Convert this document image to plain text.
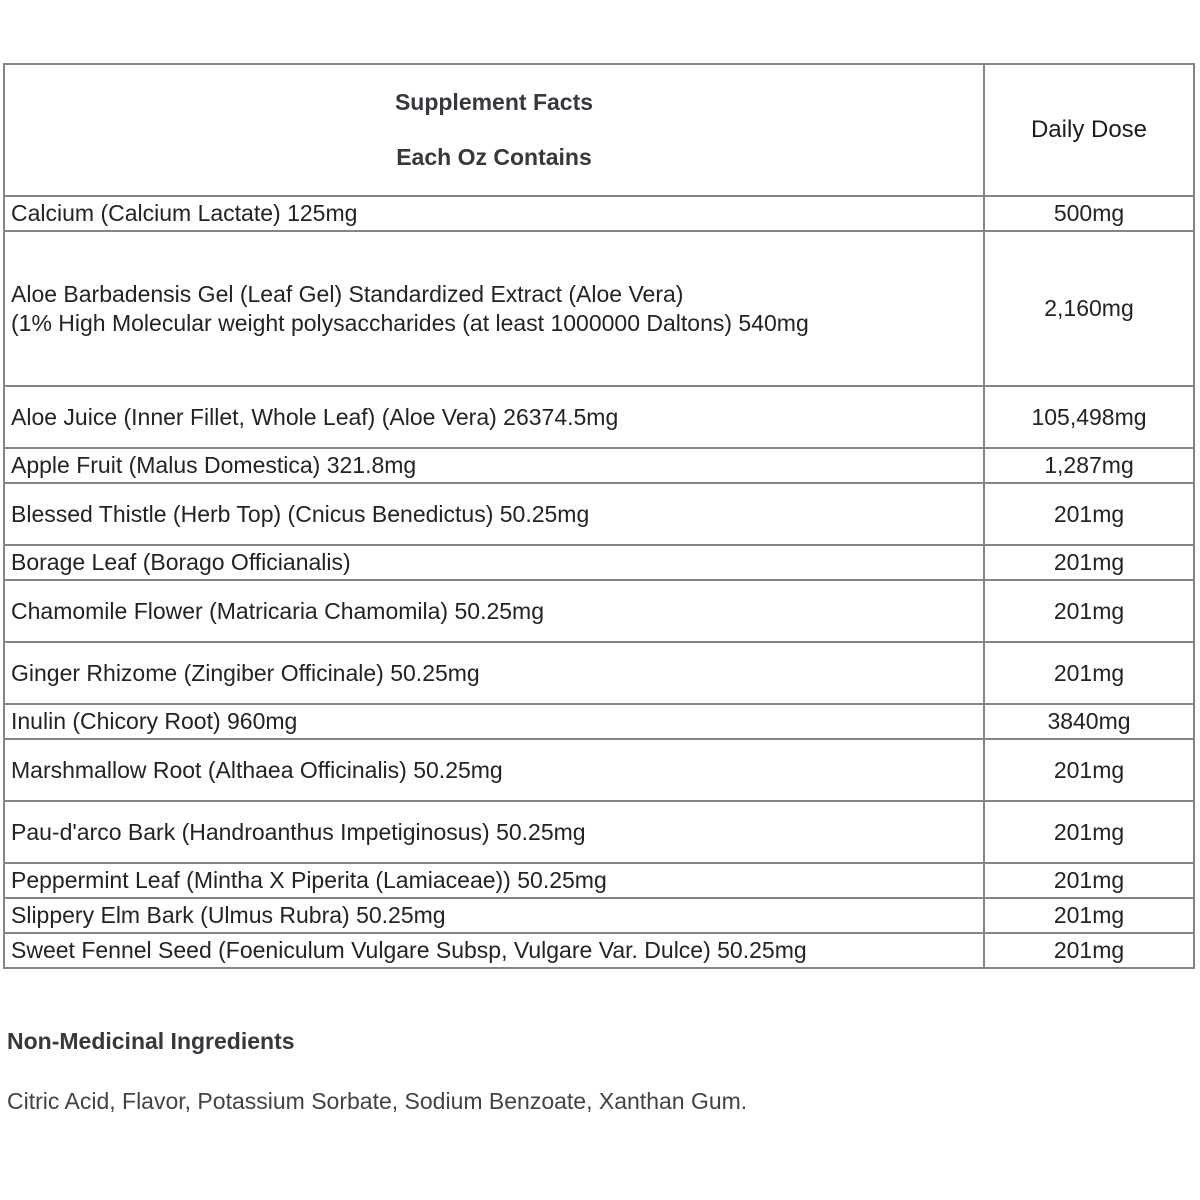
Supplement Facts

Each Oz Contains	Daily Dose
Calcium (Calcium Lactate) 125mg	500mg

Aloe Barbadensis Gel (Leaf Gel) Standardized Extract (Aloe Vera)
(1% High Molecular weight polysaccharides (at least 1000000 Daltons) 540mg	2,160mg
Aloe Juice (Inner Fillet, Whole Leaf) (Aloe Vera) 26374.5mg	105,498mg
Apple Fruit (Malus Domestica) 321.8mg	1,287mg
Blessed Thistle (Herb Top) (Cnicus Benedictus) 50.25mg	201mg
Borage Leaf (Borago Officianalis)	201mg
Chamomile Flower (Matricaria Chamomila) 50.25mg	201mg
Ginger Rhizome (Zingiber Officinale) 50.25mg	201mg
Inulin (Chicory Root) 960mg	3840mg
Marshmallow Root (Althaea Officinalis) 50.25mg	201mg
Pau-d'arco Bark (Handroanthus Impetiginosus) 50.25mg	201mg
Peppermint Leaf (Mintha X Piperita (Lamiaceae)) 50.25mg	201mg
Slippery Elm Bark (Ulmus Rubra) 50.25mg	201mg
Sweet Fennel Seed (Foeniculum Vulgare Subsp, Vulgare Var. Dulce) 50.25mg	201mg

Non-Medicinal Ingredients

Citric Acid, Flavor, Potassium Sorbate, Sodium Benzoate, Xanthan Gum.
